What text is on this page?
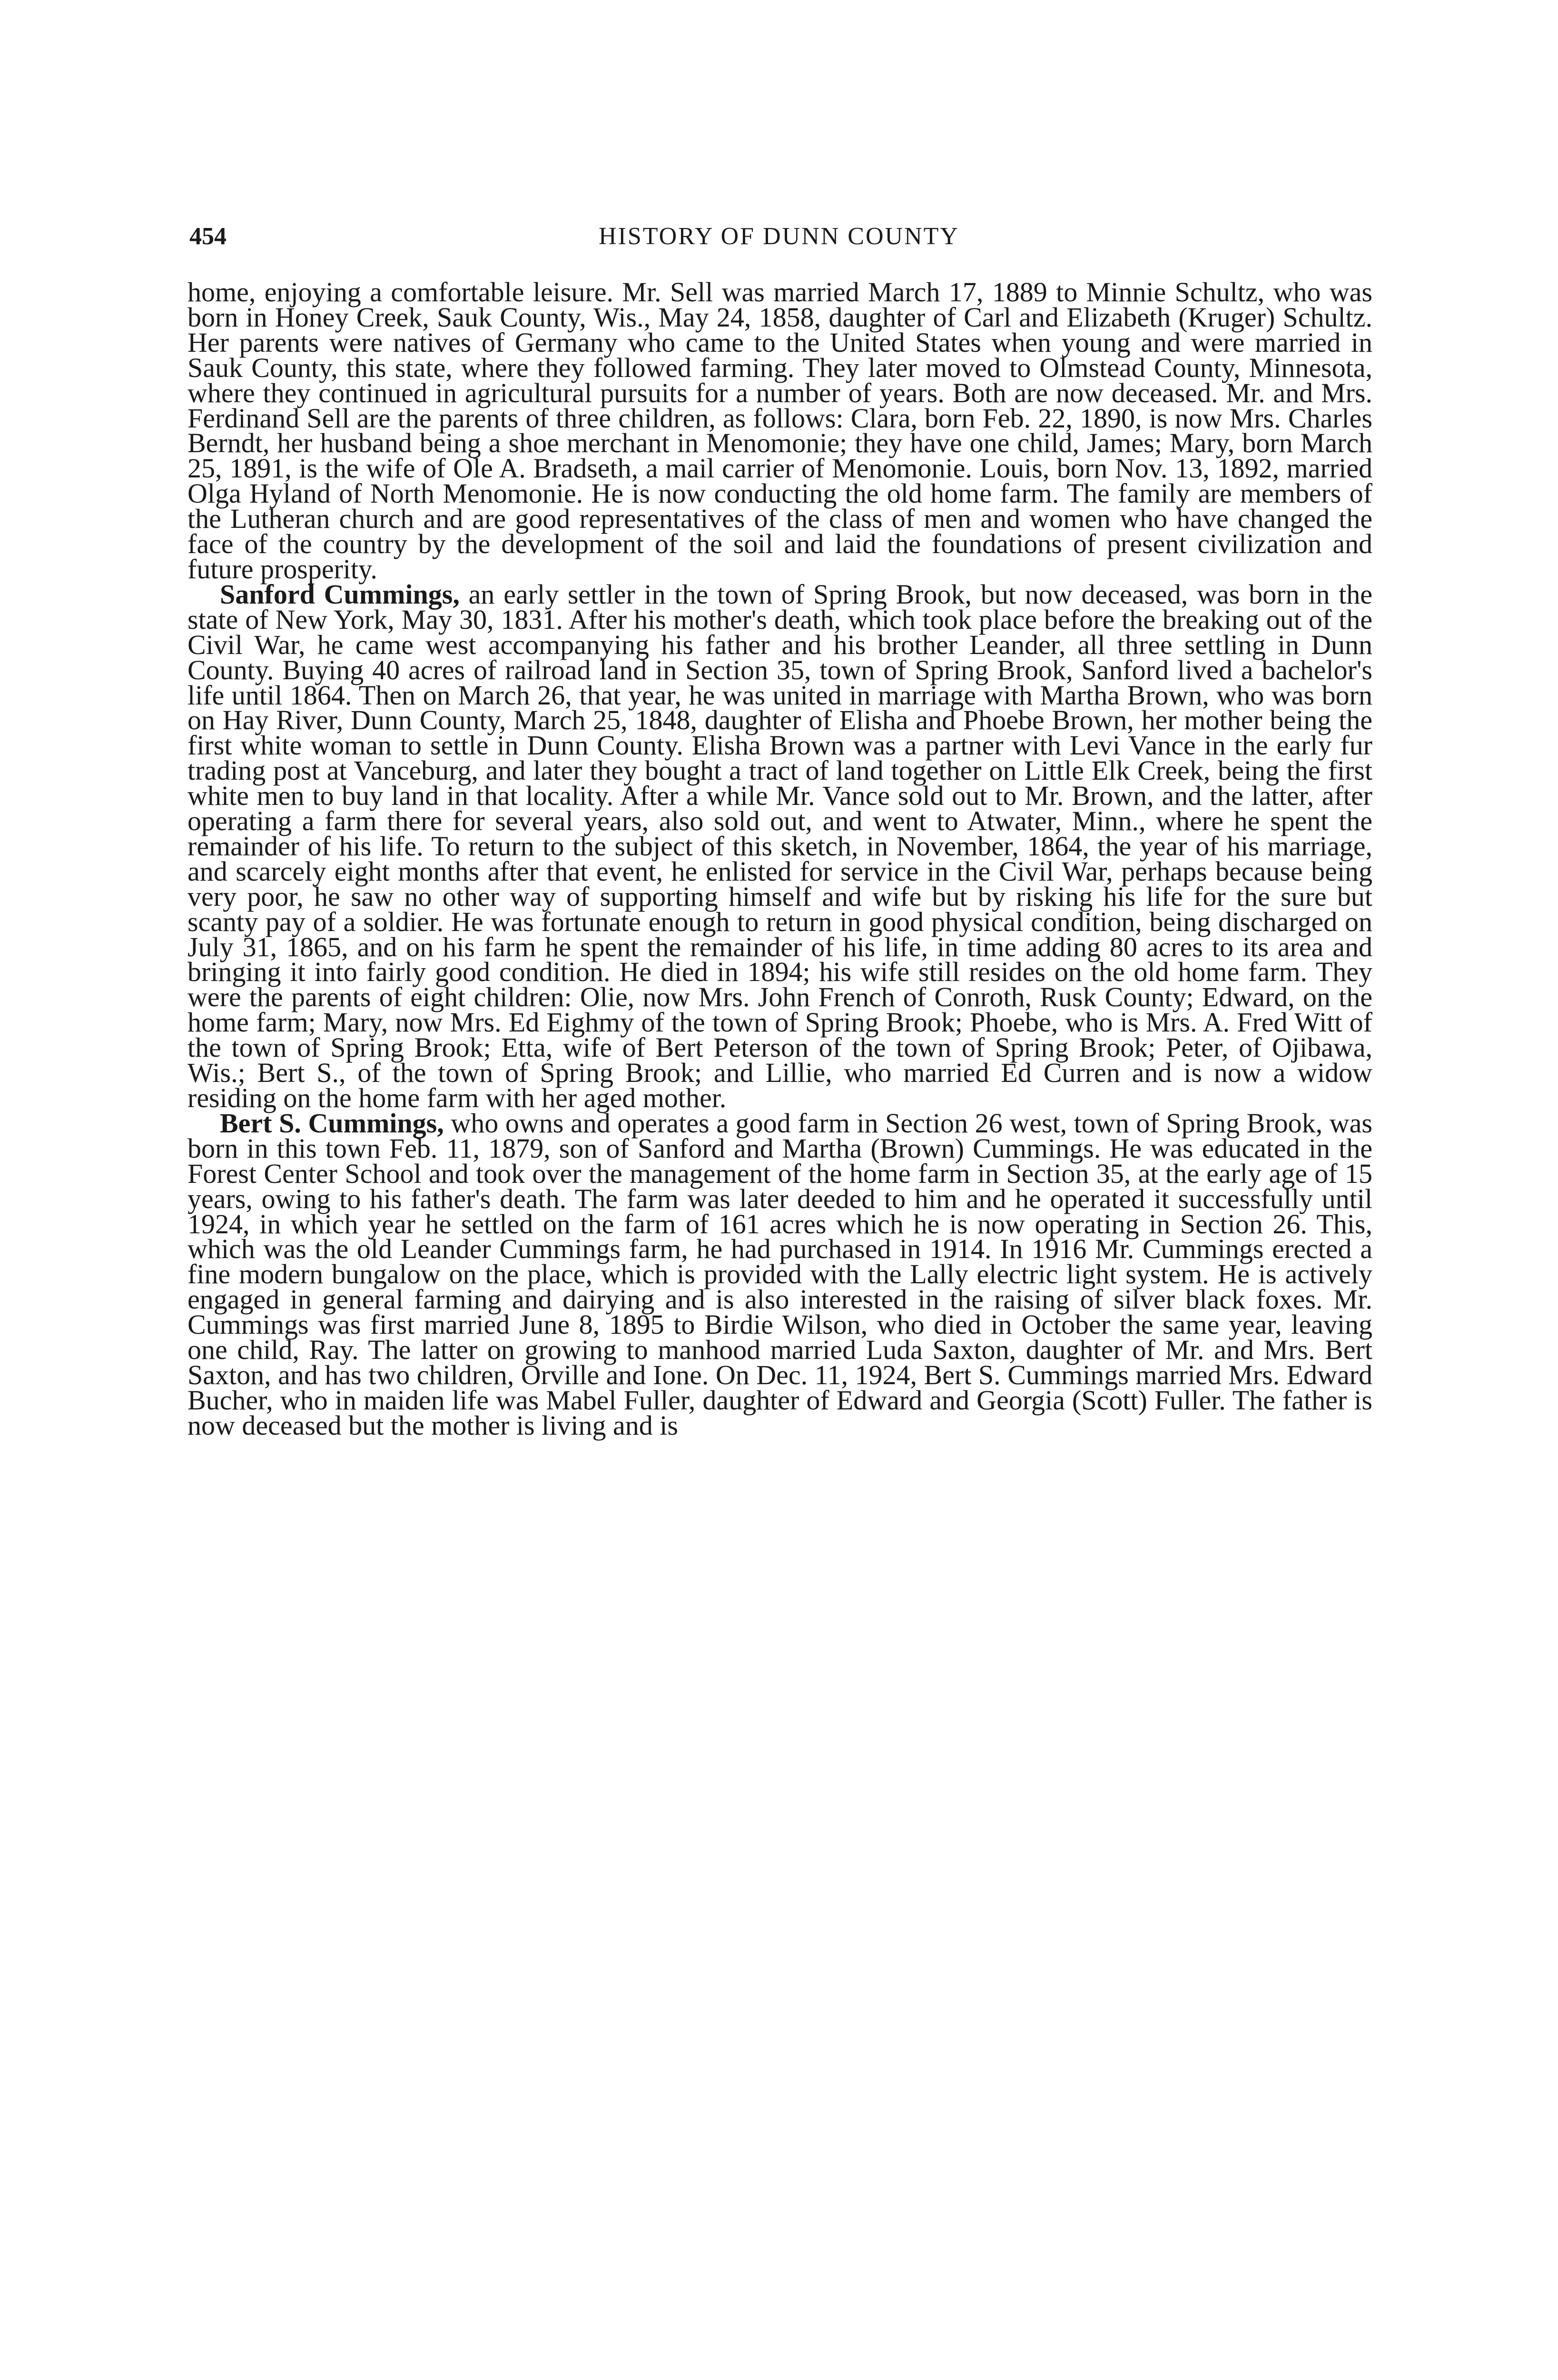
454	HISTORY OF DUNN COUNTY

home, enjoying a comfortable leisure. Mr. Sell was married March 17, 1889 to Minnie Schultz, who was born in Honey Creek, Sauk County, Wis., May 24, 1858, daughter of Carl and Elizabeth (Kruger) Schultz. Her parents were natives of Germany who came to the United States when young and were married in Sauk County, this state, where they followed farming. They later moved to Olmstead County, Minnesota, where they continued in agricultural pursuits for a number of years. Both are now deceased. Mr. and Mrs. Ferdinand Sell are the parents of three children, as follows: Clara, born Feb. 22, 1890, is now Mrs. Charles Berndt, her husband being a shoe merchant in Menomonie; they have one child, James; Mary, born March 25, 1891, is the wife of Ole A. Bradseth, a mail carrier of Menomonie. Louis, born Nov. 13, 1892, married Olga Hyland of North Menomonie. He is now conducting the old home farm. The family are members of the Lutheran church and are good representatives of the class of men and women who have changed the face of the country by the development of the soil and laid the foundations of present civilization and future prosperity.

Sanford Cummings, an early settler in the town of Spring Brook, but now deceased, was born in the state of New York, May 30, 1831. After his mother's death, which took place before the breaking out of the Civil War, he came west accompanying his father and his brother Leander, all three settling in Dunn County. Buying 40 acres of railroad land in Section 35, town of Spring Brook, Sanford lived a bachelor's life until 1864. Then on March 26, that year, he was united in marriage with Martha Brown, who was born on Hay River, Dunn County, March 25, 1848, daughter of Elisha and Phoebe Brown, her mother being the first white woman to settle in Dunn County. Elisha Brown was a partner with Levi Vance in the early fur trading post at Vanceburg, and later they bought a tract of land together on Little Elk Creek, being the first white men to buy land in that locality. After a while Mr. Vance sold out to Mr. Brown, and the latter, after operating a farm there for several years, also sold out, and went to Atwater, Minn., where he spent the remainder of his life. To return to the subject of this sketch, in November, 1864, the year of his marriage, and scarcely eight months after that event, he enlisted for service in the Civil War, perhaps because being very poor, he saw no other way of supporting himself and wife but by risking his life for the sure but scanty pay of a soldier. He was fortunate enough to return in good physical condition, being discharged on July 31, 1865, and on his farm he spent the remainder of his life, in time adding 80 acres to its area and bringing it into fairly good condition. He died in 1894; his wife still resides on the old home farm. They were the parents of eight children: Olie, now Mrs. John French of Conroth, Rusk County; Edward, on the home farm; Mary, now Mrs. Ed Eighmy of the town of Spring Brook; Phoebe, who is Mrs. A. Fred Witt of the town of Spring Brook; Etta, wife of Bert Peterson of the town of Spring Brook; Peter, of Ojibawa, Wis.; Bert S., of the town of Spring Brook; and Lillie, who married Ed Curren and is now a widow residing on the home farm with her aged mother.

Bert S. Cummings, who owns and operates a good farm in Section 26 west, town of Spring Brook, was born in this town Feb. 11, 1879, son of Sanford and Martha (Brown) Cummings. He was educated in the Forest Center School and took over the management of the home farm in Section 35, at the early age of 15 years, owing to his father's death. The farm was later deeded to him and he operated it successfully until 1924, in which year he settled on the farm of 161 acres which he is now operating in Section 26. This, which was the old Leander Cummings farm, he had purchased in 1914. In 1916 Mr. Cummings erected a fine modern bungalow on the place, which is provided with the Lally electric light system. He is actively engaged in general farming and dairying and is also interested in the raising of silver black foxes. Mr. Cummings was first married June 8, 1895 to Birdie Wilson, who died in October the same year, leaving one child, Ray. The latter on growing to manhood married Luda Saxton, daughter of Mr. and Mrs. Bert Saxton, and has two children, Orville and Ione. On Dec. 11, 1924, Bert S. Cummings married Mrs. Edward Bucher, who in maiden life was Mabel Fuller, daughter of Edward and Georgia (Scott) Fuller. The father is now deceased but the mother is living and is
